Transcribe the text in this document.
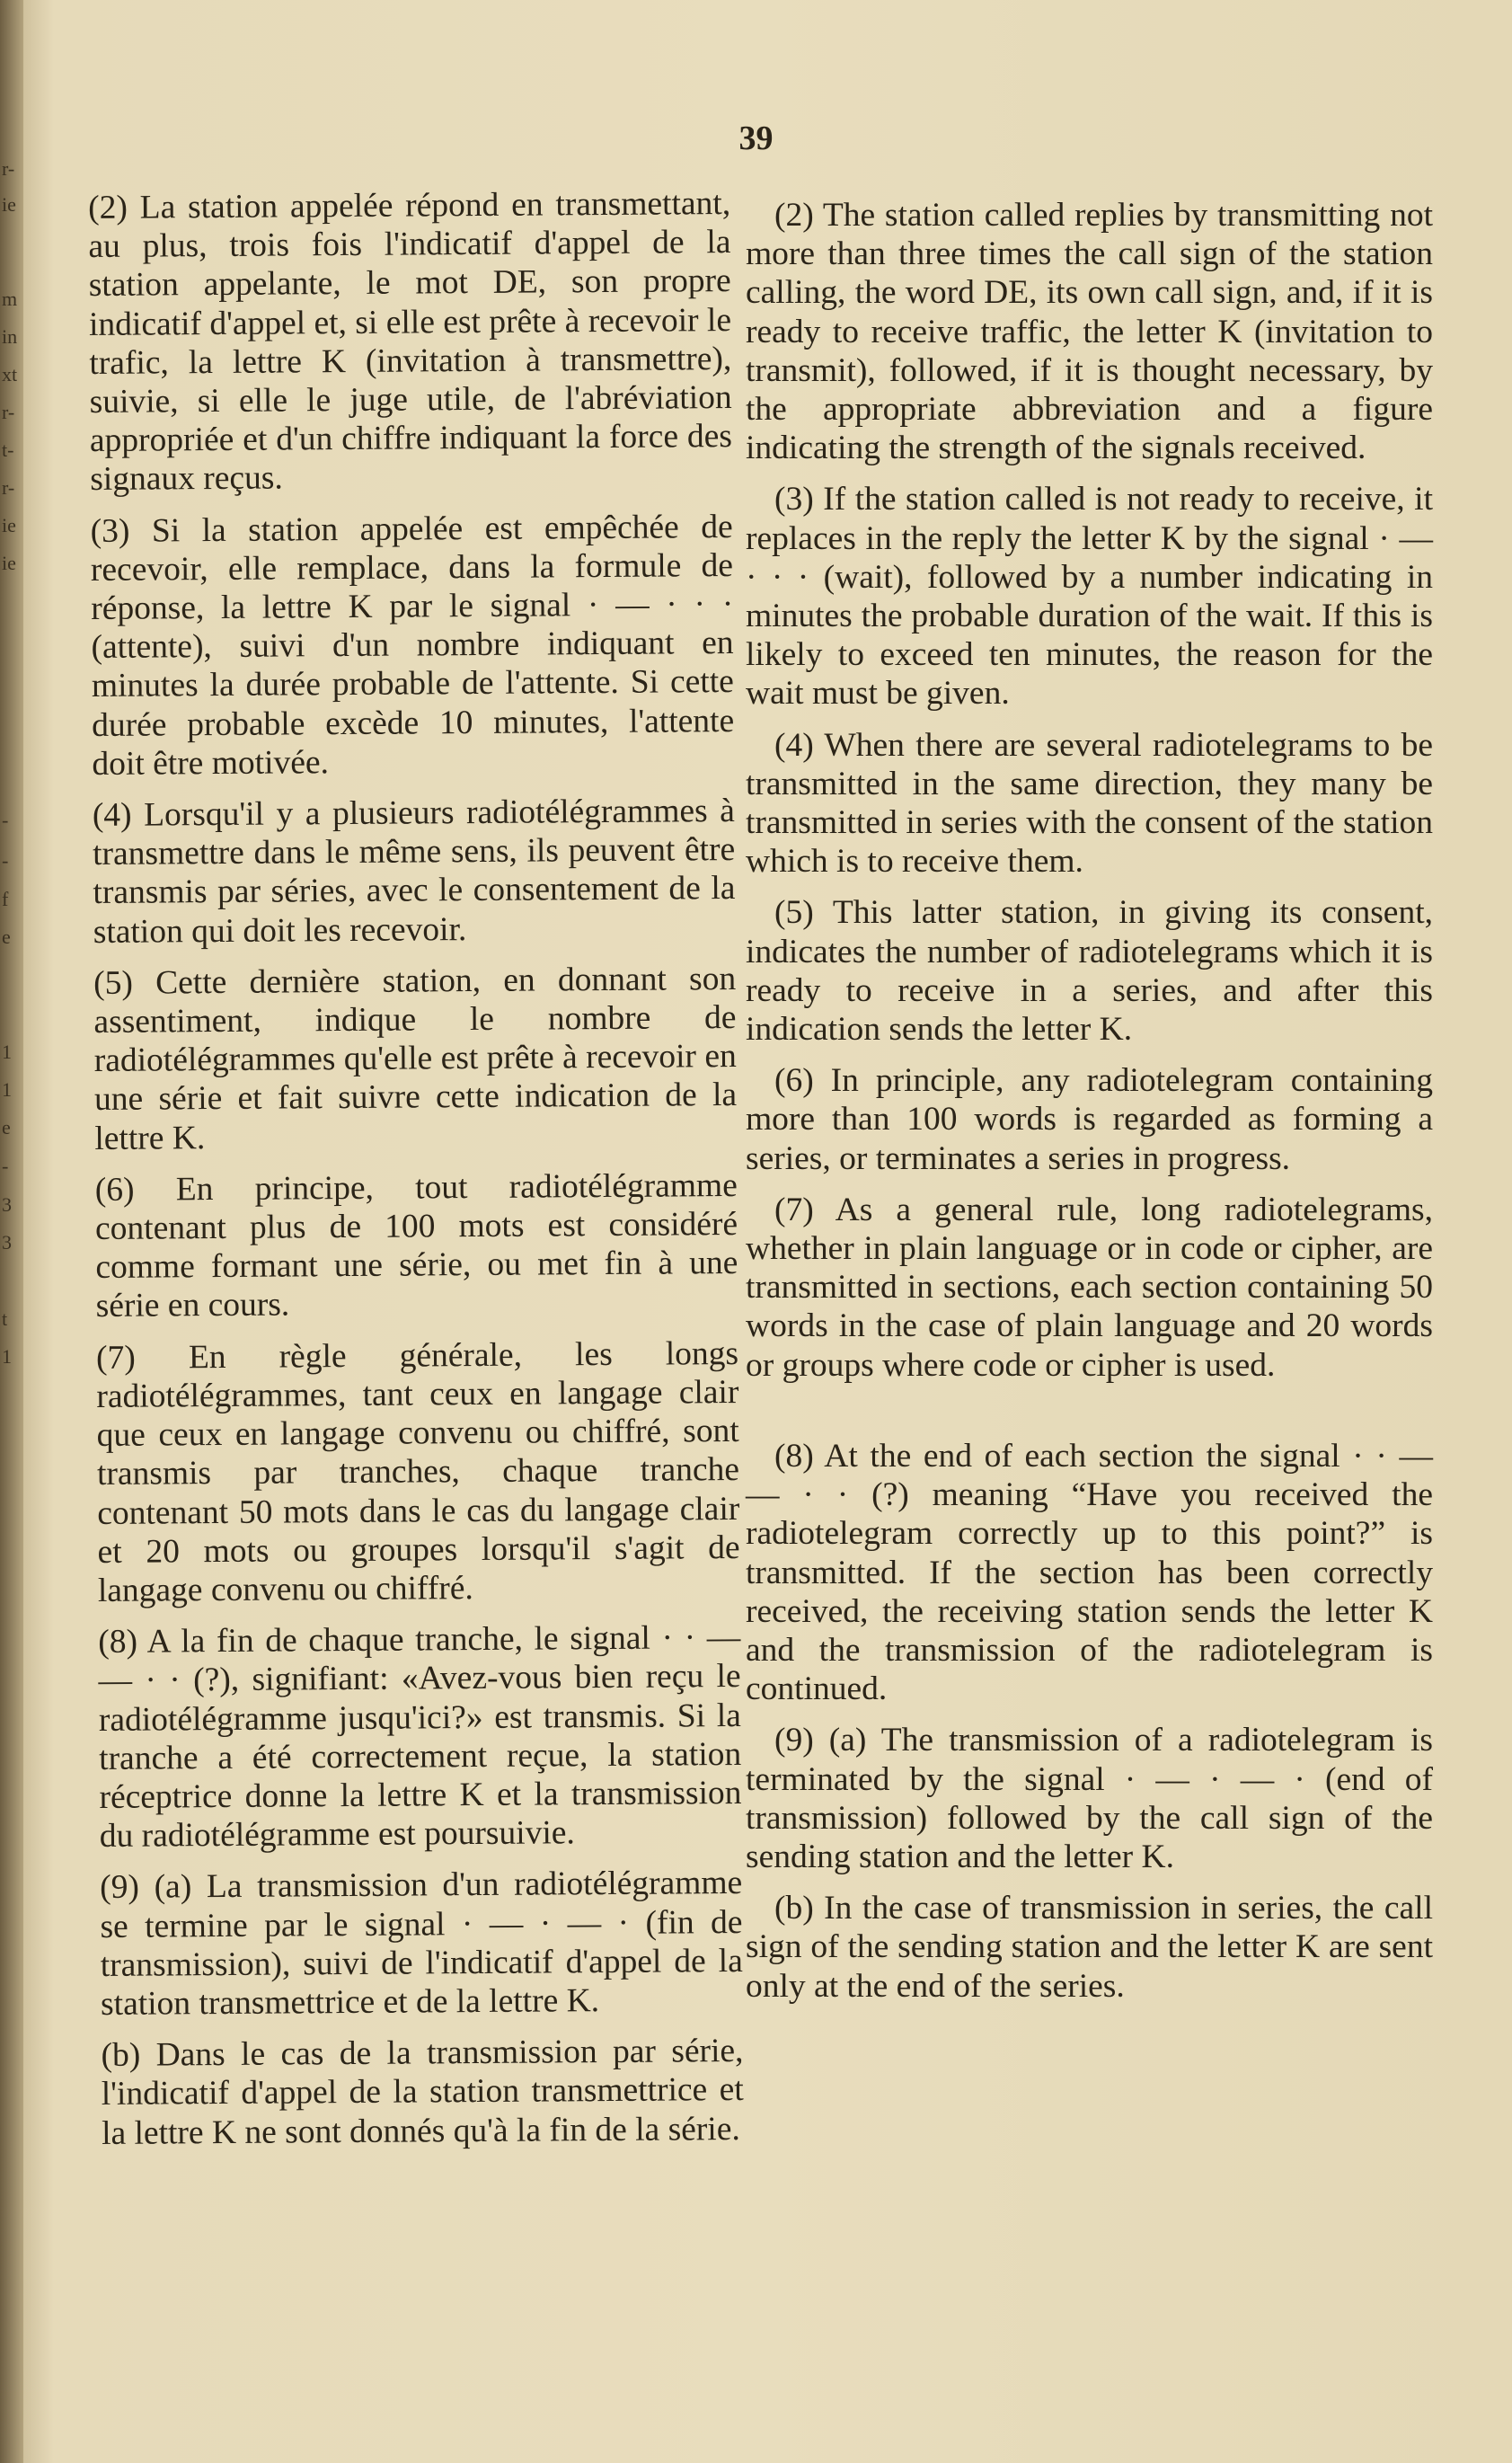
r-
ie
m
in
xt
r-
t-
r-
ie
ie
-
-
f
e
1
1
e
-
3
3
t
1
39

(2) La station appelée répond en transmettant, au plus, trois fois l'indicatif d'appel de la station appelante, le mot DE, son propre indicatif d'appel et, si elle est prête à recevoir le trafic, la lettre K (invitation à transmettre), suivie, si elle le juge utile, de l'abréviation appropriée et d'un chiffre indiquant la force des signaux reçus.

(3) Si la station appelée est empêchée de recevoir, elle remplace, dans la formule de réponse, la lettre K par le signal · — · · · (attente), suivi d'un nombre indiquant en minutes la durée probable de l'attente. Si cette durée probable excède 10 minutes, l'attente doit être motivée.

(4) Lorsqu'il y a plusieurs radiotélégrammes à transmettre dans le même sens, ils peuvent être transmis par séries, avec le consentement de la station qui doit les recevoir.

(5) Cette dernière station, en donnant son assentiment, indique le nombre de radiotélégrammes qu'elle est prête à recevoir en une série et fait suivre cette indication de la lettre K.

(6) En principe, tout radiotélégramme contenant plus de 100 mots est considéré comme formant une série, ou met fin à une série en cours.

(7) En règle générale, les longs radiotélégrammes, tant ceux en langage clair que ceux en langage convenu ou chiffré, sont transmis par tranches, chaque tranche contenant 50 mots dans le cas du langage clair et 20 mots ou groupes lorsqu'il s'agit de langage convenu ou chiffré.

(8) A la fin de chaque tranche, le signal · · — — · · (?), signifiant: «Avez-vous bien reçu le radiotélégramme jusqu'ici?» est transmis. Si la tranche a été correctement reçue, la station réceptrice donne la lettre K et la transmission du radiotélégramme est poursuivie.

(9) (a) La transmission d'un radiotélégramme se termine par le signal · — · — · (fin de transmission), suivi de l'indicatif d'appel de la station transmettrice et de la lettre K.

(b) Dans le cas de la transmission par série, l'indicatif d'appel de la station transmettrice et la lettre K ne sont donnés qu'à la fin de la série.

(2) The station called replies by transmitting not more than three times the call sign of the station calling, the word DE, its own call sign, and, if it is ready to receive traffic, the letter K (invitation to transmit), followed, if it is thought necessary, by the appropriate abbreviation and a figure indicating the strength of the signals received.

(3) If the station called is not ready to receive, it replaces in the reply the letter K by the signal · — · · · (wait), followed by a number indicating in minutes the probable duration of the wait. If this is likely to exceed ten minutes, the reason for the wait must be given.

(4) When there are several radiotelegrams to be transmitted in the same direction, they many be transmitted in series with the consent of the station which is to receive them.

(5) This latter station, in giving its consent, indicates the number of radiotelegrams which it is ready to receive in a series, and after this indication sends the letter K.

(6) In principle, any radiotelegram containing more than 100 words is regarded as forming a series, or terminates a series in progress.

(7) As a general rule, long radiotelegrams, whether in plain language or in code or cipher, are transmitted in sections, each section containing 50 words in the case of plain language and 20 words or groups where code or cipher is used.

(8) At the end of each section the signal · · — — · · (?) meaning “Have you received the radiotelegram correctly up to this point?” is transmitted. If the section has been correctly received, the receiving station sends the letter K and the transmission of the radiotelegram is continued.

(9) (a) The transmission of a radiotelegram is terminated by the signal · — · — · (end of transmission) followed by the call sign of the sending station and the letter K.

(b) In the case of transmission in series, the call sign of the sending station and the letter K are sent only at the end of the series.
